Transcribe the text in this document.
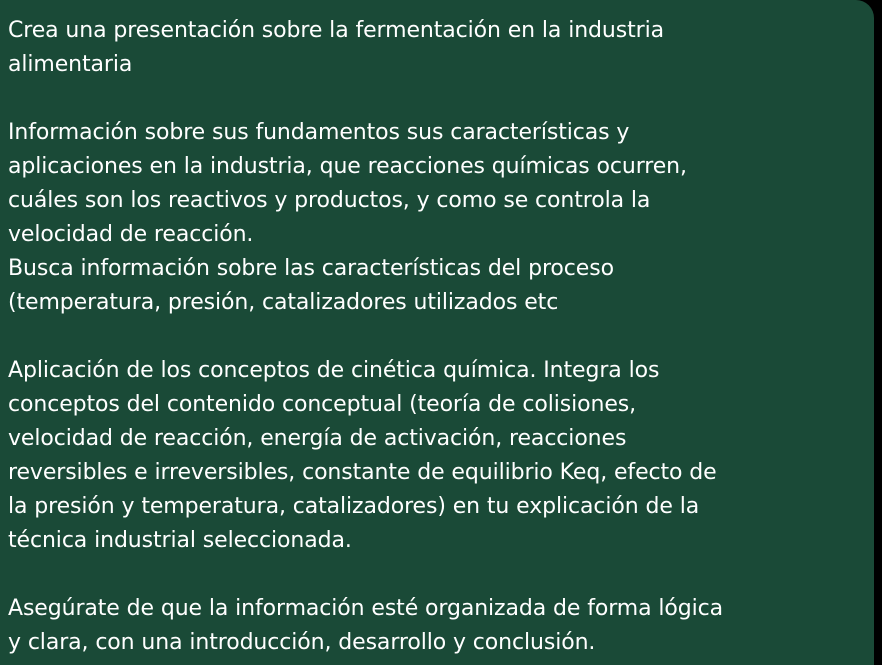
Crea una presentación sobre la fermentación en la industria
alimentaria

Información sobre sus fundamentos sus características y
aplicaciones en la industria, que reacciones químicas ocurren,
cuáles son los reactivos y productos, y como se controla la
velocidad de reacción.
Busca información sobre las características del proceso
(temperatura, presión, catalizadores utilizados etc

Aplicación de los conceptos de cinética química. Integra los
conceptos del contenido conceptual (teoría de colisiones,
velocidad de reacción, energía de activación, reacciones
reversibles e irreversibles, constante de equilibrio Keq, efecto de
la presión y temperatura, catalizadores) en tu explicación de la
técnica industrial seleccionada.

Asegúrate de que la información esté organizada de forma lógica
y clara, con una introducción, desarrollo y conclusión.
